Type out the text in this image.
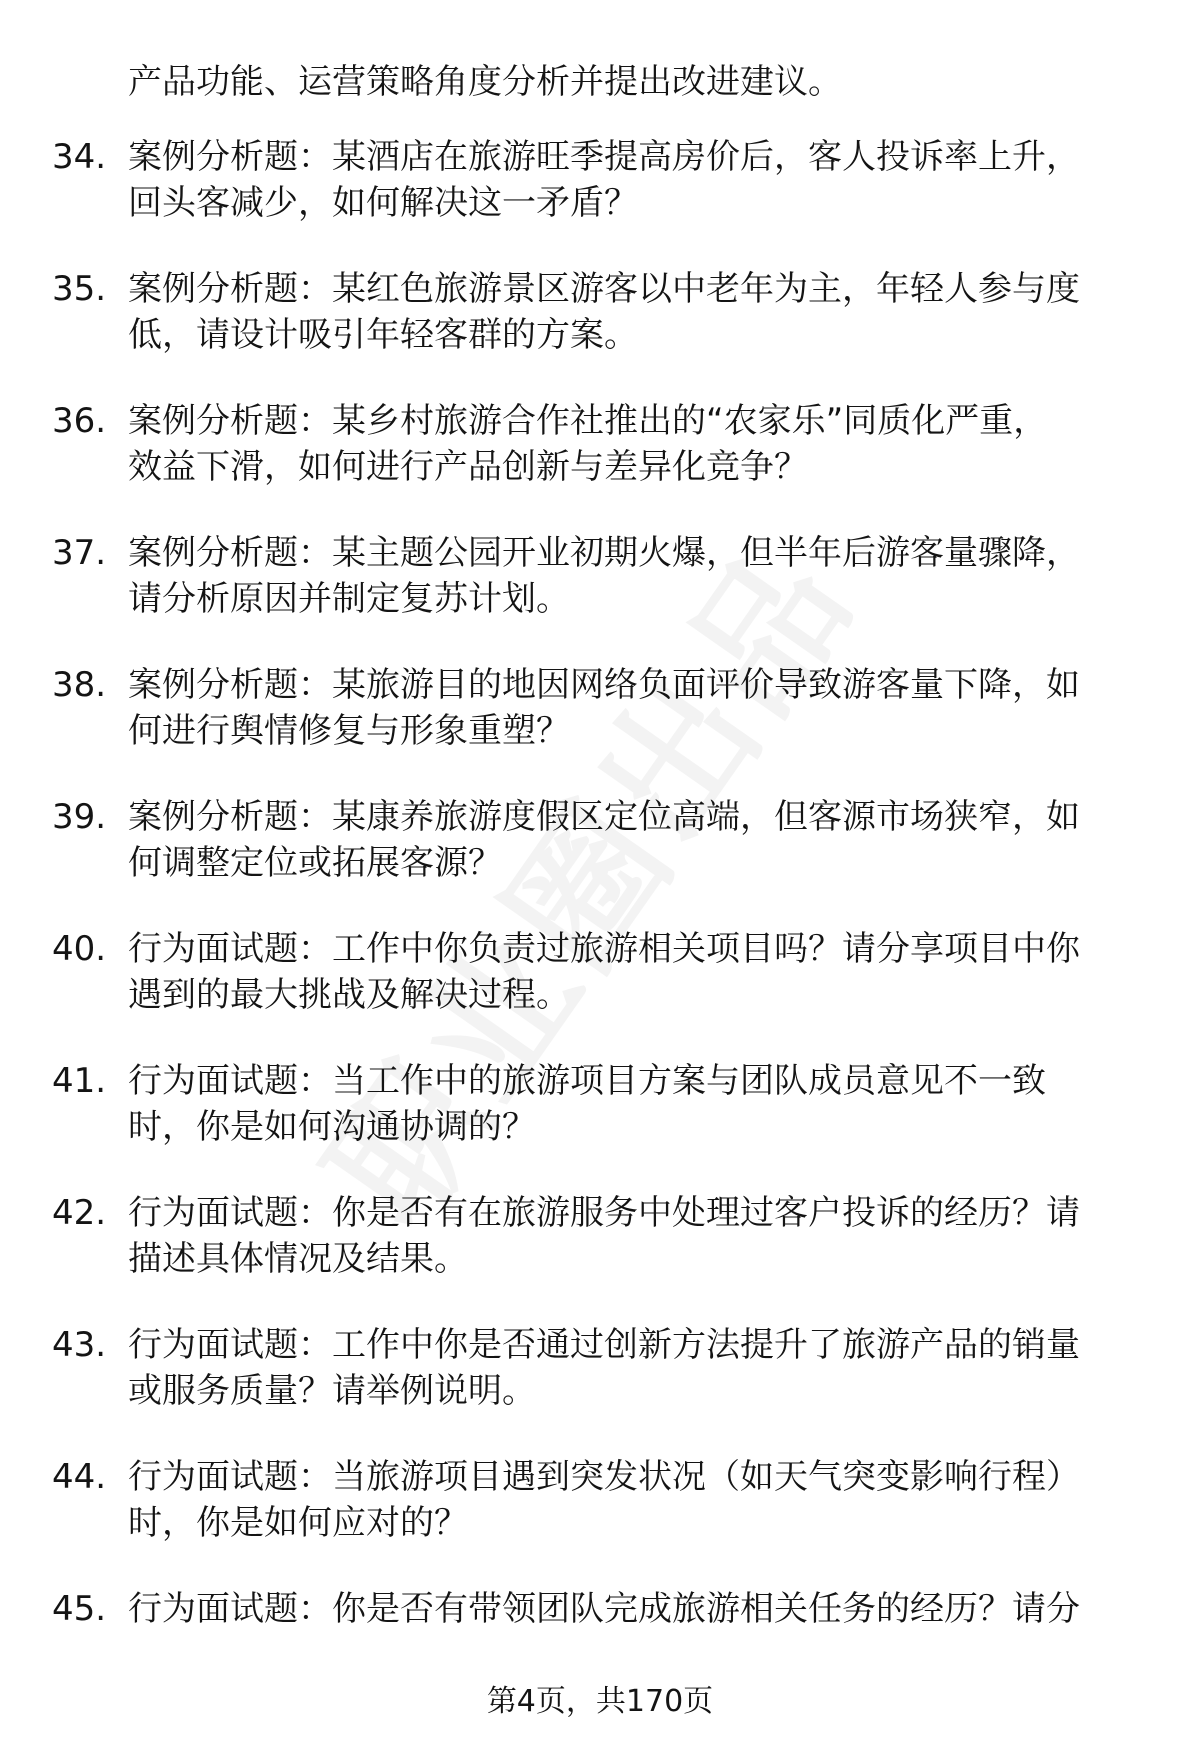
产品功能、运营策略角度分析并提出改进建议。
34. 案例分析题：某酒店在旅游旺季提高房价后，客人投诉率上升，
回头客减少，如何解决这一矛盾？
35. 案例分析题：某红色旅游景区游客以中老年为主，年轻人参与度
低，请设计吸引年轻客群的方案。
36. 案例分析题：某乡村旅游合作社推出的“农家乐”同质化严重，
效益下滑，如何进行产品创新与差异化竞争？
37. 案例分析题：某主题公园开业初期火爆，但半年后游客量骤降，
请分析原因并制定复苏计划。
38. 案例分析题：某旅游目的地因网络负面评价导致游客量下降，如
何进行舆情修复与形象重塑？
39. 案例分析题：某康养旅游度假区定位高端，但客源市场狭窄，如
何调整定位或拓展客源？
40. 行为面试题：工作中你负责过旅游相关项目吗？请分享项目中你
遇到的最大挑战及解决过程。
41. 行为面试题：当工作中的旅游项目方案与团队成员意见不一致
时，你是如何沟通协调的？
42. 行为面试题：你是否有在旅游服务中处理过客户投诉的经历？请
描述具体情况及结果。
43. 行为面试题：工作中你是否通过创新方法提升了旅游产品的销量
或服务质量？请举例说明。
44. 行为面试题：当旅游项目遇到突发状况（如天气突变影响行程）
时，你是如何应对的？
45. 行为面试题：你是否有带领团队完成旅游相关任务的经历？请分
第4页，共170页
